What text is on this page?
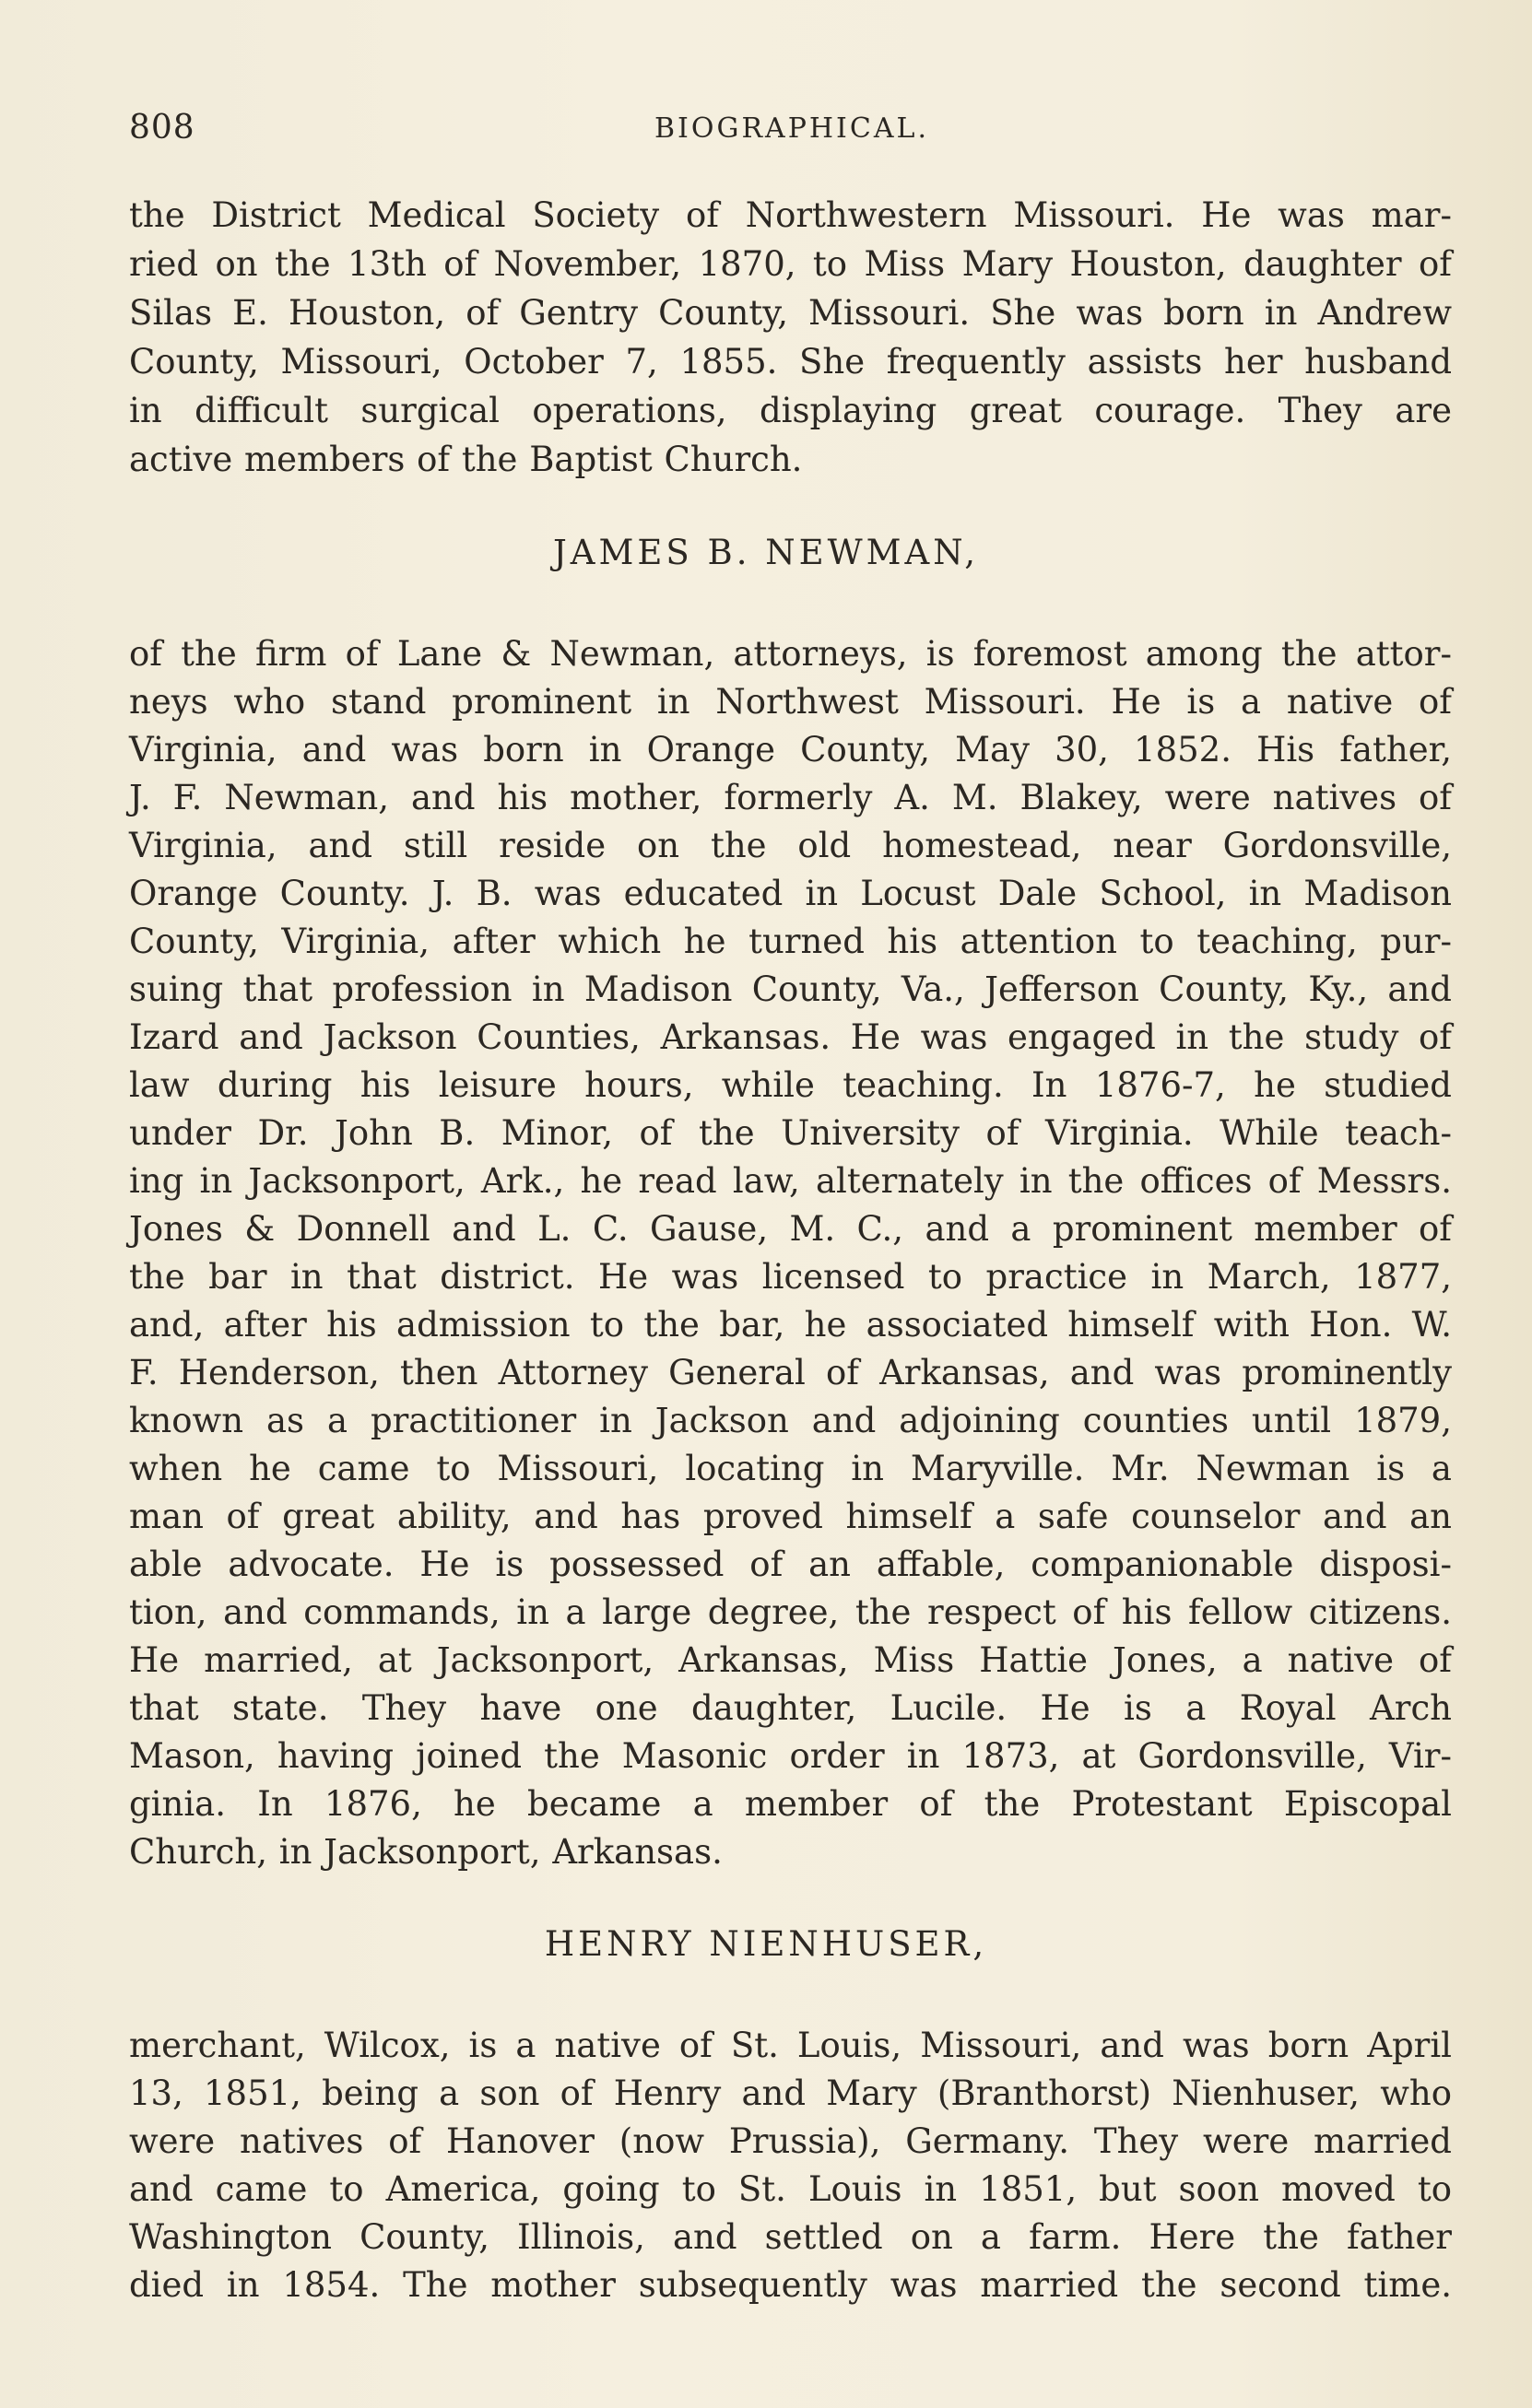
808	BIOGRAPHICAL.
the District Medical Society of Northwestern Missouri. He was mar-
ried on the 13th of November, 1870, to Miss Mary Houston, daughter of
Silas E. Houston, of Gentry County, Missouri. She was born in Andrew
County, Missouri, October 7, 1855. She frequently assists her husband
in difficult surgical operations, displaying great courage. They are
active members of the Baptist Church.
JAMES B. NEWMAN,
of the firm of Lane & Newman, attorneys, is foremost among the attor-
neys who stand prominent in Northwest Missouri. He is a native of
Virginia, and was born in Orange County, May 30, 1852. His father,
J. F. Newman, and his mother, formerly A. M. Blakey, were natives of
Virginia, and still reside on the old homestead, near Gordonsville,
Orange County. J. B. was educated in Locust Dale School, in Madison
County, Virginia, after which he turned his attention to teaching, pur-
suing that profession in Madison County, Va., Jefferson County, Ky., and
Izard and Jackson Counties, Arkansas. He was engaged in the study of
law during his leisure hours, while teaching. In 1876-7, he studied
under Dr. John B. Minor, of the University of Virginia. While teach-
ing in Jacksonport, Ark., he read law, alternately in the offices of Messrs.
Jones & Donnell and L. C. Gause, M. C., and a prominent member of
the bar in that district. He was licensed to practice in March, 1877,
and, after his admission to the bar, he associated himself with Hon. W.
F. Henderson, then Attorney General of Arkansas, and was prominently
known as a practitioner in Jackson and adjoining counties until 1879,
when he came to Missouri, locating in Maryville. Mr. Newman is a
man of great ability, and has proved himself a safe counselor and an
able advocate. He is possessed of an affable, companionable disposi-
tion, and commands, in a large degree, the respect of his fellow citizens.
He married, at Jacksonport, Arkansas, Miss Hattie Jones, a native of
that state. They have one daughter, Lucile. He is a Royal Arch
Mason, having joined the Masonic order in 1873, at Gordonsville, Vir-
ginia. In 1876, he became a member of the Protestant Episcopal
Church, in Jacksonport, Arkansas.
HENRY NIENHUSER,
merchant, Wilcox, is a native of St. Louis, Missouri, and was born April
13, 1851, being a son of Henry and Mary (Branthorst) Nienhuser, who
were natives of Hanover (now Prussia), Germany. They were married
and came to America, going to St. Louis in 1851, but soon moved to
Washington County, Illinois, and settled on a farm. Here the father
died in 1854. The mother subsequently was married the second time.
